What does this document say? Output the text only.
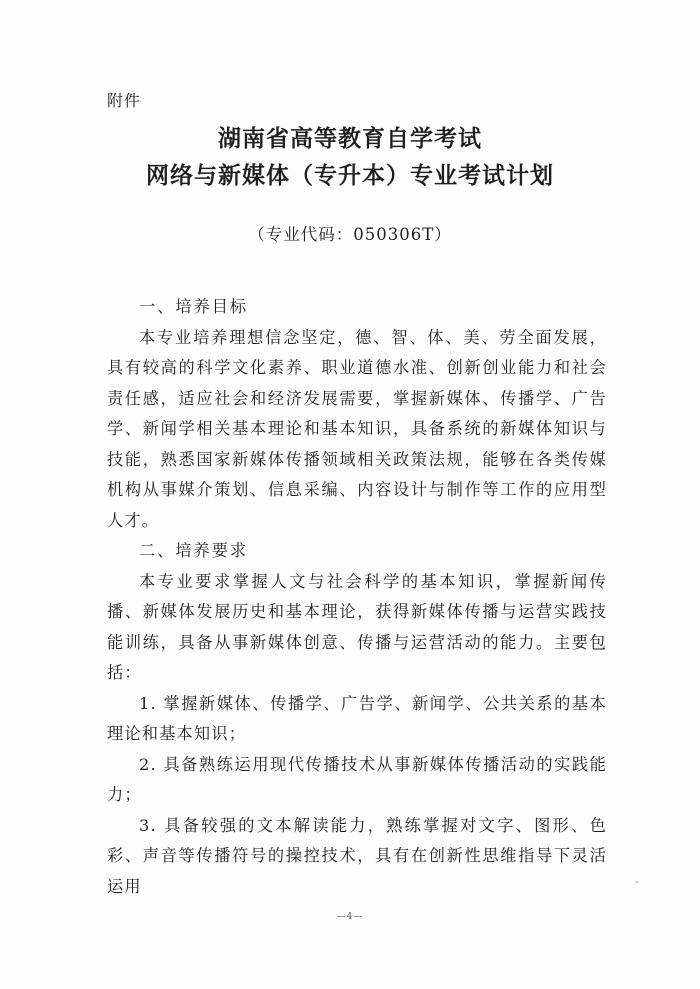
附件
湖南省高等教育自学考试
网络与新媒体（专升本）专业考试计划
（专业代码：050306T）

一、培养目标

本专业培养理想信念坚定，德、智、体、美、劳全面发展，具有较高的科学文化素养、职业道德水准、创新创业能力和社会责任感，适应社会和经济发展需要，掌握新媒体、传播学、广告学、新闻学相关基本理论和基本知识，具备系统的新媒体知识与技能，熟悉国家新媒体传播领域相关政策法规，能够在各类传媒机构从事媒介策划、信息采编、内容设计与制作等工作的应用型人才。

二、培养要求

本专业要求掌握人文与社会科学的基本知识，掌握新闻传播、新媒体发展历史和基本理论，获得新媒体传播与运营实践技能训练，具备从事新媒体创意、传播与运营活动的能力。主要包括：

1. 掌握新媒体、传播学、广告学、新闻学、公共关系的基本理论和基本知识；

2. 具备熟练运用现代传播技术从事新媒体传播活动的实践能力；

3. 具备较强的文本解读能力，熟练掌握对文字、图形、色彩、声音等传播符号的操控技术，具有在创新性思维指导下灵活运用

—4—
